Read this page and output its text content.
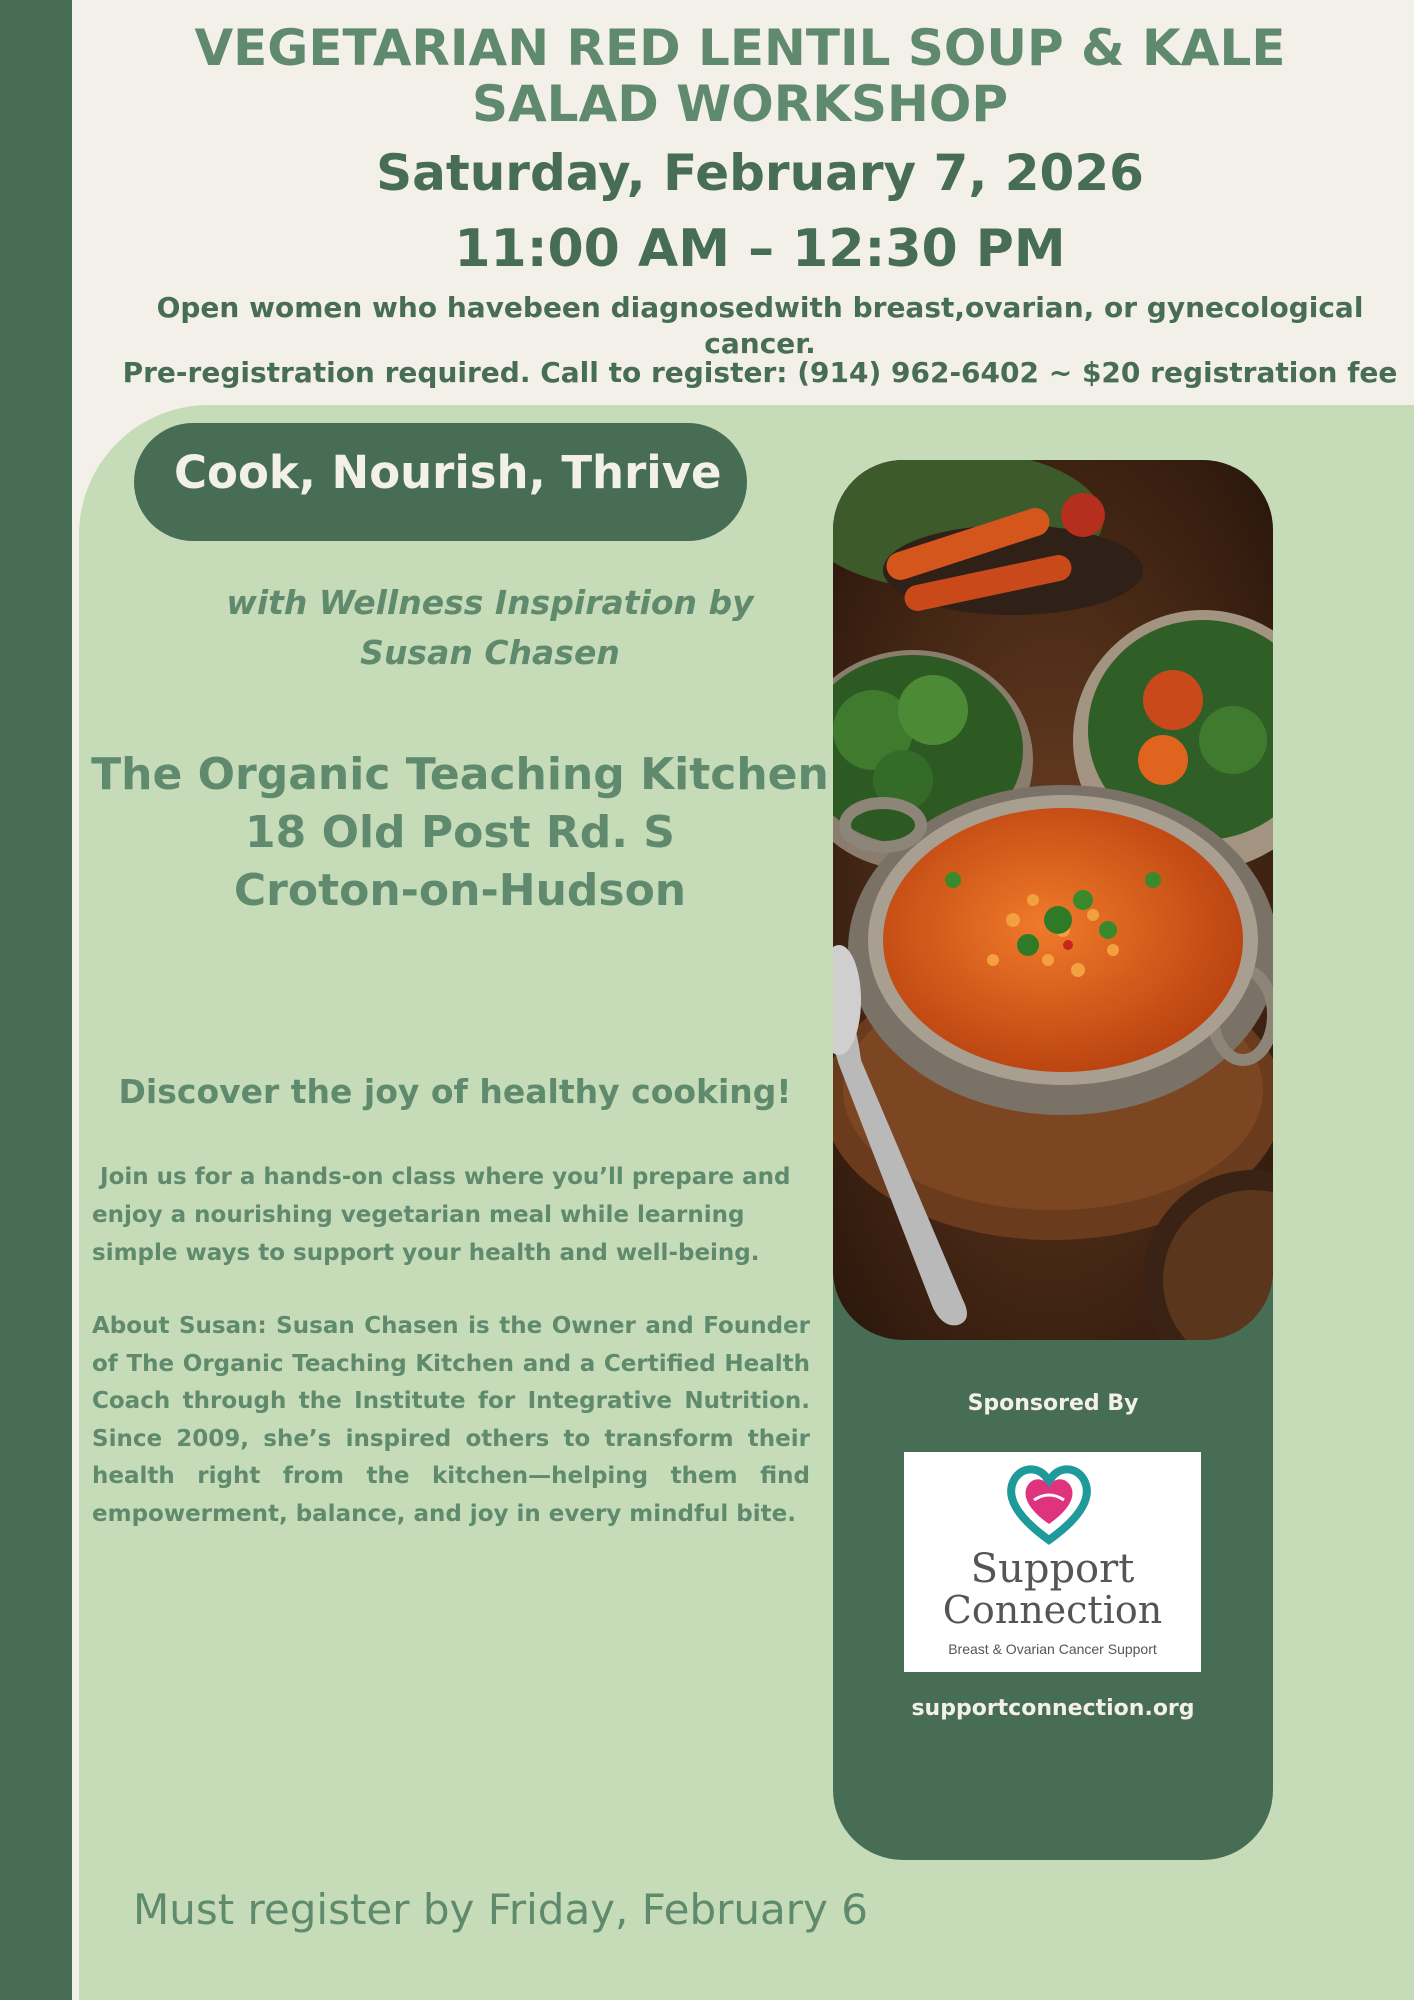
VEGETARIAN RED LENTIL SOUP & KALE SALAD WORKSHOP
Saturday, February 7, 2026
11:00 AM – 12:30 PM
Open women who havebeen diagnosedwith breast,ovarian, or gynecological cancer.
Pre-registration required. Call to register: (914) 962-6402 ~ $20 registration fee
Cook, Nourish, Thrive
with Wellness Inspiration by
Susan Chasen
The Organic Teaching Kitchen
18 Old Post Rd. S
Croton-on-Hudson
Discover the joy of healthy cooking!
Join us for a hands-on class where you’ll prepare and enjoy a nourishing vegetarian meal while learning simple ways to support your health and well-being.
About Susan: Susan Chasen is the Owner and Founder of The Organic Teaching Kitchen and a Certified Health Coach through the Institute for Integrative Nutrition. Since 2009, she’s inspired others to transform their health right from the kitchen—helping them find empowerment, balance, and joy in every mindful bite.
Must register by Friday, February 6
Sponsored By
Support
Connection
Breast & Ovarian Cancer Support
supportconnection.org
